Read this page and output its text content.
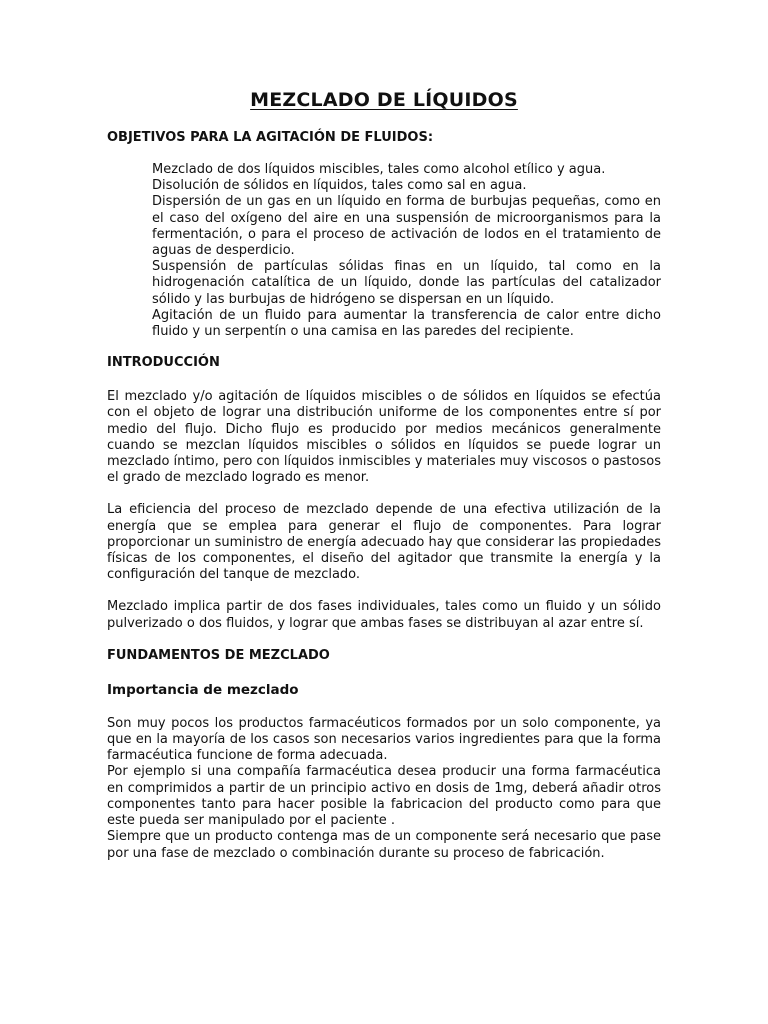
MEZCLADO DE LÍQUIDOS
OBJETIVOS PARA LA AGITACIÓN DE FLUIDOS:
Mezclado de dos líquidos miscibles, tales como alcohol etílico y agua.
Disolución de sólidos en líquidos, tales como sal en agua.
Dispersión de un gas en un líquido en forma de burbujas pequeñas, como en el caso del oxígeno del aire en una suspensión de microorganismos para la fermentación, o para el proceso de activación de lodos en el tratamiento de aguas de desperdicio.
Suspensión de partículas sólidas finas en un líquido, tal como en la hidrogenación catalítica de un líquido, donde las partículas del catalizador sólido y las burbujas de hidrógeno se dispersan en un líquido.
Agitación de un fluido para aumentar la transferencia de calor entre dicho fluido y un serpentín o una camisa en las paredes del recipiente.
INTRODUCCIÓN

El mezclado y/o agitación de líquidos miscibles o de sólidos en líquidos se efectúa con el objeto de lograr una distribución uniforme de los componentes entre sí por medio del flujo. Dicho flujo es producido por medios mecánicos generalmente cuando se mezclan líquidos miscibles o sólidos en líquidos se puede lograr un mezclado íntimo, pero con líquidos inmiscibles y materiales muy viscosos o pastosos el grado de mezclado logrado es menor.

La eficiencia del proceso de mezclado depende de una efectiva utilización de la energía que se emplea para generar el flujo de componentes. Para lograr proporcionar un suministro de energía adecuado hay que considerar las propiedades físicas de los componentes, el diseño del agitador que transmite la energía y la configuración del tanque de mezclado.

Mezclado implica partir de dos fases individuales, tales como un fluido y un sólido pulverizado o dos fluidos, y lograr que ambas fases se distribuyan al azar entre sí.

FUNDAMENTOS DE MEZCLADO
Importancia de mezclado

Son muy pocos los productos farmacéuticos formados por un solo componente, ya que en la mayoría de los casos son necesarios varios ingredientes para que la forma farmacéutica funcione de forma adecuada.

Por ejemplo si una compañía farmacéutica desea producir una forma farmacéutica en comprimidos a partir de un principio activo en dosis de 1mg, deberá añadir otros componentes tanto para hacer posible la fabricacion del producto como para que este pueda ser manipulado por el paciente .

Siempre que un producto contenga mas de un componente será necesario que pase por una fase de mezclado o combinación durante su proceso de fabricación.
